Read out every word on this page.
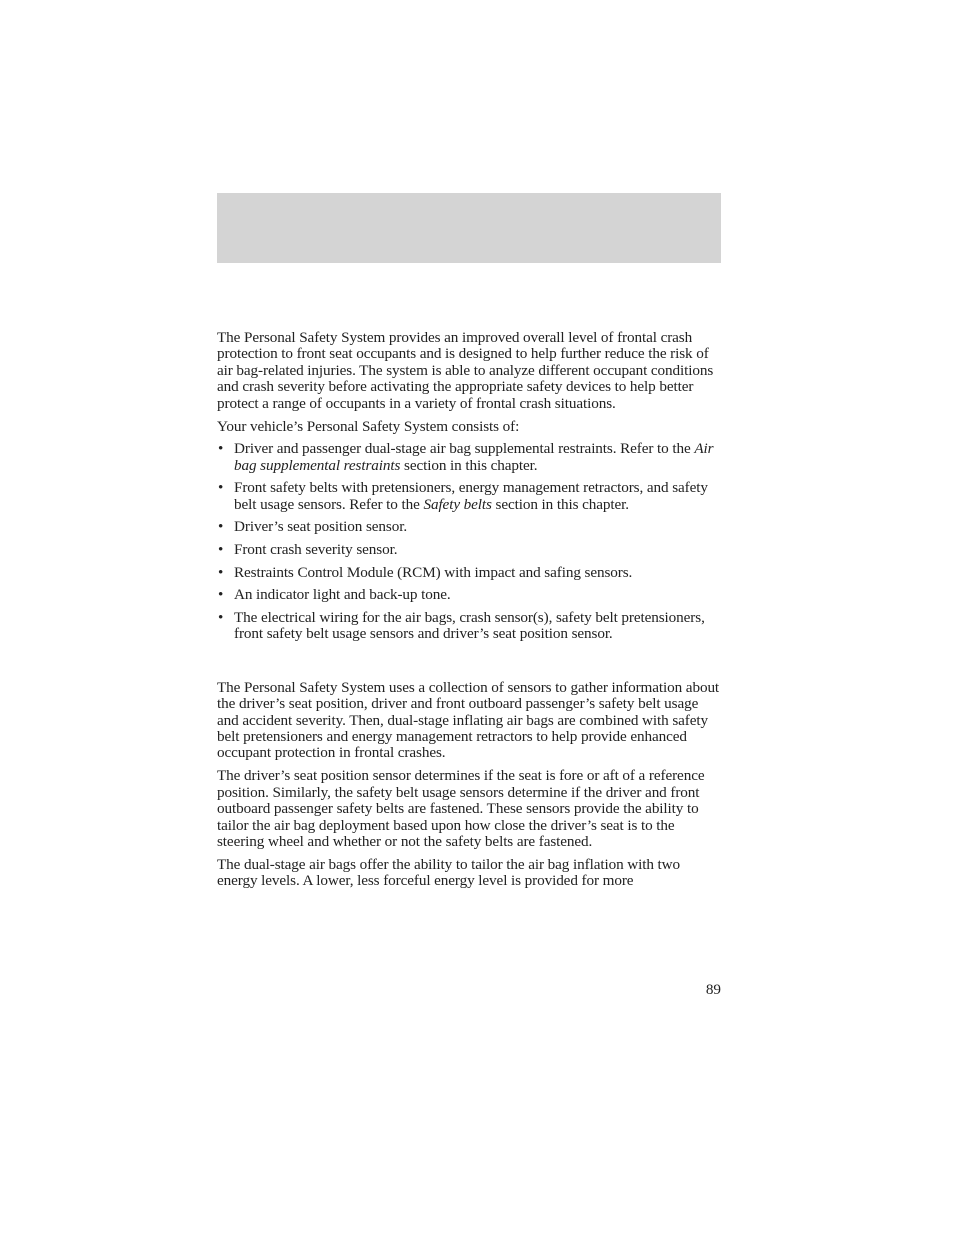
The Personal Safety System provides an improved overall level of frontal crash protection to front seat occupants and is designed to help further reduce the risk of air bag-related injuries. The system is able to analyze different occupant conditions and crash severity before activating the appropriate safety devices to help better protect a range of occupants in a variety of frontal crash situations.

Your vehicle’s Personal Safety System consists of:

• Driver and passenger dual-stage air bag supplemental restraints. Refer to the Air bag supplemental restraints section in this chapter.
• Front safety belts with pretensioners, energy management retractors, and safety belt usage sensors. Refer to the Safety belts section in this chapter.
• Driver’s seat position sensor.
• Front crash severity sensor.
• Restraints Control Module (RCM) with impact and safing sensors.
• An indicator light and back-up tone.
• The electrical wiring for the air bags, crash sensor(s), safety belt pretensioners, front safety belt usage sensors and driver’s seat position sensor.

The Personal Safety System uses a collection of sensors to gather information about the driver’s seat position, driver and front outboard passenger’s safety belt usage and accident severity. Then, dual-stage inflating air bags are combined with safety belt pretensioners and energy management retractors to help provide enhanced occupant protection in frontal crashes.

The driver’s seat position sensor determines if the seat is fore or aft of a reference position. Similarly, the safety belt usage sensors determine if the driver and front outboard passenger safety belts are fastened. These sensors provide the ability to tailor the air bag deployment based upon how close the driver’s seat is to the steering wheel and whether or not the safety belts are fastened.

The dual-stage air bags offer the ability to tailor the air bag inflation with two energy levels. A lower, less forceful energy level is provided for more

89
